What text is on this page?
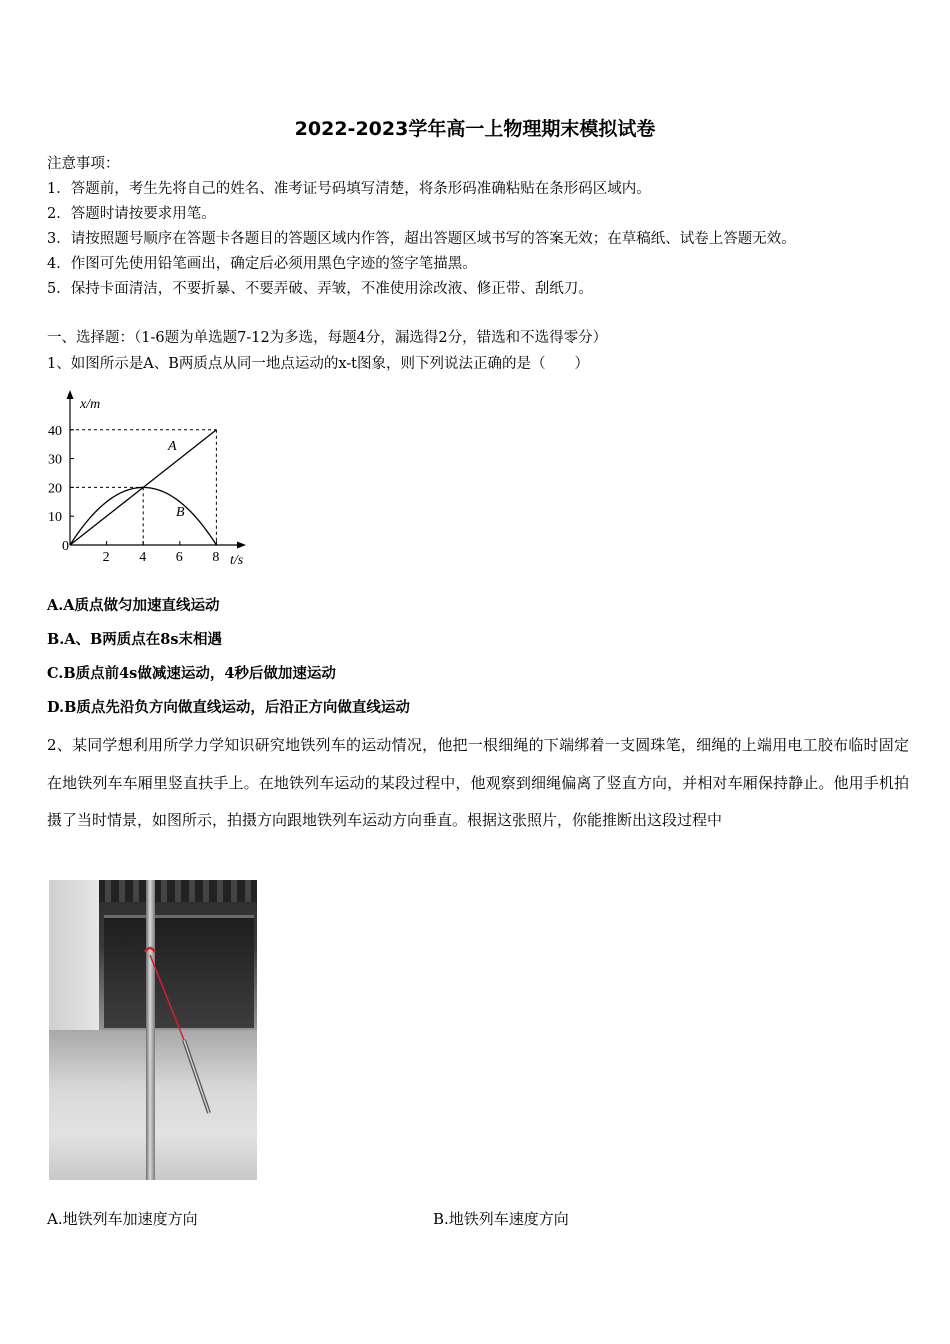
2022-2023学年高一上物理期末模拟试卷
注意事项：
1．答题前，考生先将自己的姓名、准考证号码填写清楚，将条形码准确粘贴在条形码区域内。
2．答题时请按要求用笔。
3．请按照题号顺序在答题卡各题目的答题区域内作答，超出答题区域书写的答案无效；在草稿纸、试卷上答题无效。
4．作图可先使用铅笔画出，确定后必须用黑色字迹的签字笔描黑。
5．保持卡面清洁，不要折暴、不要弄破、弄皱，不准使用涂改液、修正带、刮纸刀。
一、选择题：（1-6题为单选题7-12为多选，每题4分，漏选得2分，错选和不选得零分）
1、如图所示是A、B两质点从同一地点运动的x-t图象，则下列说法正确的是（　　）
x/m
t/s
0
40
30
20
10
2 4 6 8
A
B
A.A质点做匀加速直线运动
B.A、B两质点在8s末相遇
C.B质点前4s做减速运动，4秒后做加速运动
D.B质点先沿负方向做直线运动，后沿正方向做直线运动
2、某同学想利用所学力学知识研究地铁列车的运动情况，他把一根细绳的下端绑着一支圆珠笔，细绳的上端用电工胶布临时固定在地铁列车车厢里竖直扶手上。在地铁列车运动的某段过程中，他观察到细绳偏离了竖直方向，并相对车厢保持静止。他用手机拍摄了当时情景，如图所示，拍摄方向跟地铁列车运动方向垂直。根据这张照片，你能推断出这段过程中
A.地铁列车加速度方向	B.地铁列车速度方向
